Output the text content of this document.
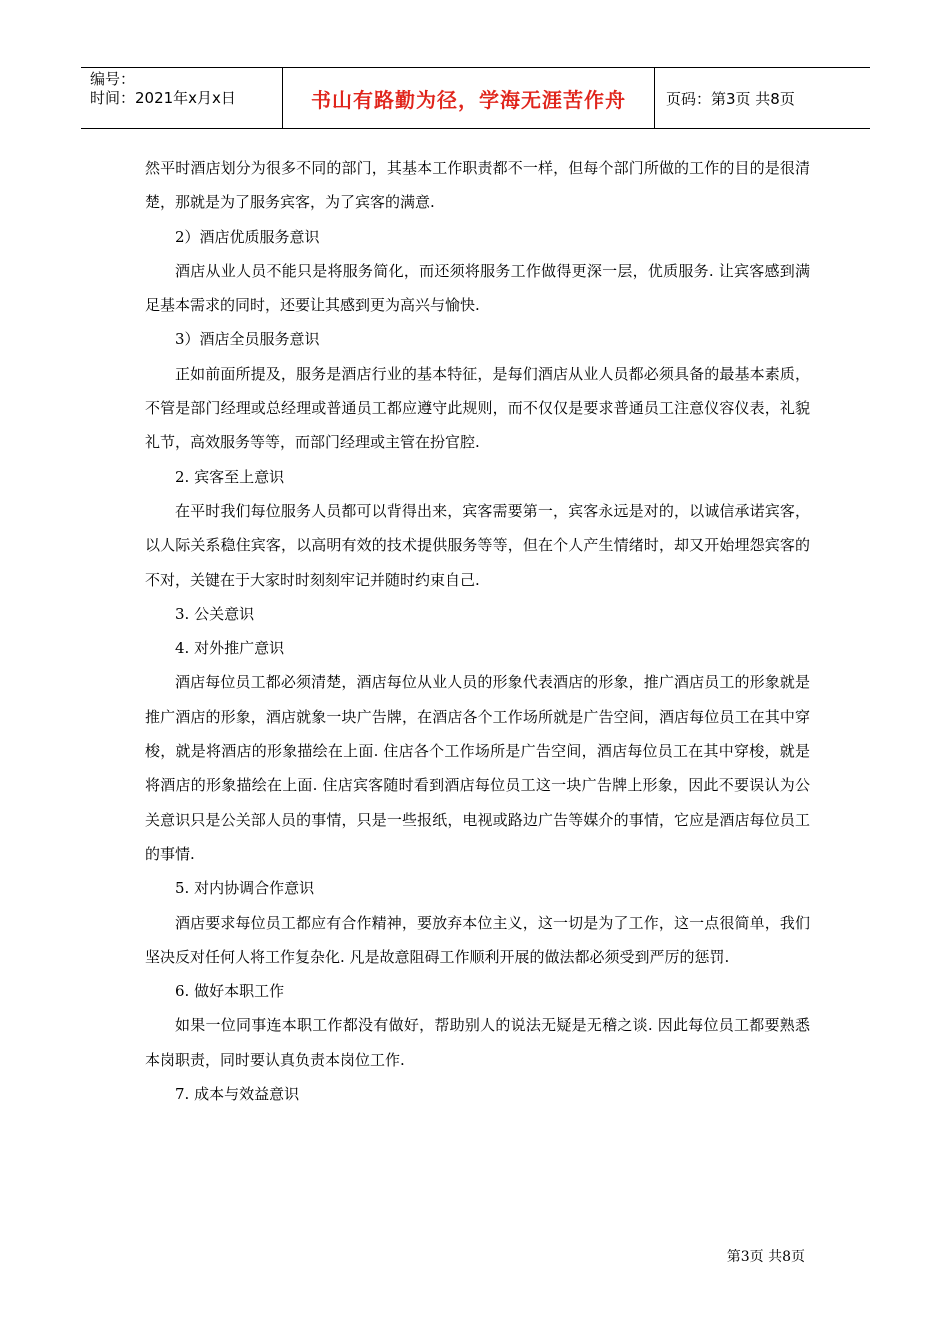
编号：
时间：2021年x月x日	书山有路勤为径，学海无涯苦作舟	页码：第3页 共8页

然平时酒店划分为很多不同的部门，其基本工作职责都不一样，但每个部门所做的工作的目的是很清楚，那就是为了服务宾客，为了宾客的满意.

2）酒店优质服务意识

酒店从业人员不能只是将服务简化，而还须将服务工作做得更深一层，优质服务. 让宾客感到满足基本需求的同时，还要让其感到更为高兴与愉快.

3）酒店全员服务意识

正如前面所提及，服务是酒店行业的基本特征，是每们酒店从业人员都必须具备的最基本素质，不管是部门经理或总经理或普通员工都应遵守此规则，而不仅仅是要求普通员工注意仪容仪表，礼貌礼节，高效服务等等，而部门经理或主管在扮官腔.

2. 宾客至上意识

在平时我们每位服务人员都可以背得出来，宾客需要第一，宾客永远是对的，以诚信承诺宾客，以人际关系稳住宾客，以高明有效的技术提供服务等等，但在个人产生情绪时，却又开始埋怨宾客的不对，关键在于大家时时刻刻牢记并随时约束自己.

3. 公关意识

4. 对外推广意识

酒店每位员工都必须清楚，酒店每位从业人员的形象代表酒店的形象，推广酒店员工的形象就是推广酒店的形象，酒店就象一块广告牌，在酒店各个工作场所就是广告空间，酒店每位员工在其中穿梭，就是将酒店的形象描绘在上面. 住店各个工作场所是广告空间，酒店每位员工在其中穿梭，就是将酒店的形象描绘在上面. 住店宾客随时看到酒店每位员工这一块广告牌上形象，因此不要误认为公关意识只是公关部人员的事情，只是一些报纸，电视或路边广告等媒介的事情，它应是酒店每位员工的事情.

5. 对内协调合作意识

酒店要求每位员工都应有合作精神，要放弃本位主义，这一切是为了工作，这一点很简单，我们坚决反对任何人将工作复杂化. 凡是故意阻碍工作顺利开展的做法都必须受到严厉的惩罚.

6. 做好本职工作

如果一位同事连本职工作都没有做好，帮助别人的说法无疑是无稽之谈. 因此每位员工都要熟悉本岗职责，同时要认真负责本岗位工作.

7. 成本与效益意识

第3页 共8页
